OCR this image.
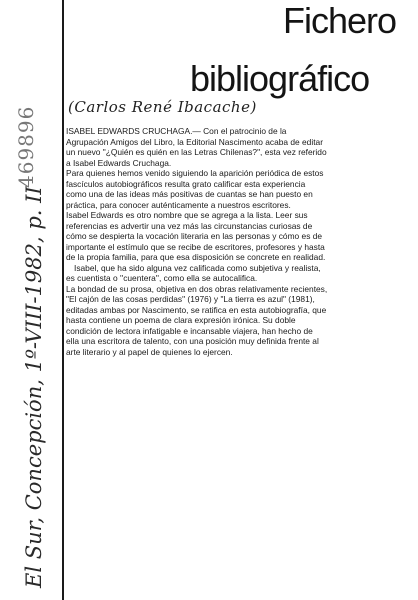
Fichero
bibliográfico
(Carlos René Ibacache)
El Sur, Concepción, 1º-VIII-1982, p. II
469896	ISABEL EDWARDS CRUCHAGA.— Con el patrocinio de la Agrupación Amigos del Libro, la Editorial Nascimento acaba de editar un nuevo "¿Quién es quién en las Letras Chilenas?", esta vez referido a Isabel Edwards Cruchaga.

Para quienes hemos venido siguiendo la aparición periódica de estos fascículos autobiográficos resulta grato calificar esta experiencia como una de las ideas más positivas de cuantas se han puesto en práctica, para conocer auténticamente a nuestros escritores.

Isabel Edwards es otro nombre que se agrega a la lista. Leer sus referencias es advertir una vez más las circunstancias curiosas de cómo se despierta la vocación literaria en las personas y cómo es de importante el estímulo que se recibe de escritores, profesores y hasta de la propia familia, para que esa disposición se concrete en realidad.

Isabel, que ha sido alguna vez calificada como subjetiva y realista, es cuentista o ''cuentera'', como ella se autocalifica.

La bondad de su prosa, objetiva en dos obras relativamente recientes, "El cajón de las cosas perdidas" (1976) y "La tierra es azul" (1981), editadas ambas por Nascimento, se ratifica en esta autobiografía, que hasta contiene un poema de clara expresión irónica. Su doble condición de lectora infatigable e incansable viajera, han hecho de ella una escritora de talento, con una posición muy definida frente al arte literario y al papel de quienes lo ejercen.
